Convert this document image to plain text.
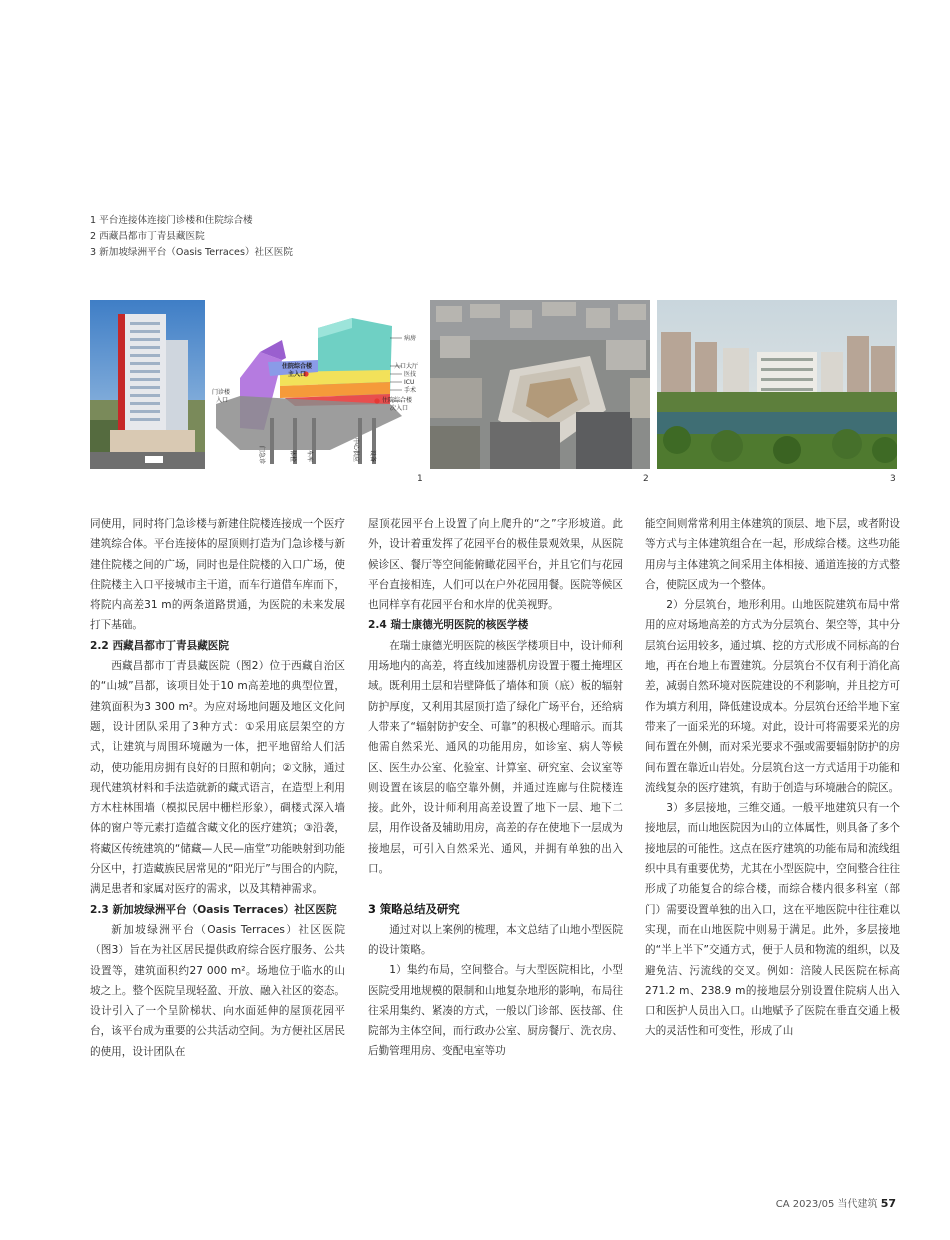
1 平台连接体连接门诊楼和住院综合楼
2 西藏昌都市丁青县藏医院
3 新加坡绿洲平台（Oasis Terraces）社区医院
病房
入口大厅
医技
ICU
手术
住院综合楼
次入口
住院综合楼
主入口
门诊楼
入口
门急诊	体检 车库	中心供应 设备
1	2	3

同使用，同时将门急诊楼与新建住院楼连接成一个医疗建筑综合体。平台连接体的屋顶则打造为门急诊楼与新建住院楼之间的广场，同时也是住院楼的入口广场，使住院楼主入口平接城市主干道，而车行道借车库而下，将院内高差31 m的两条道路贯通，为医院的未来发展打下基础。

2.2 西藏昌都市丁青县藏医院

西藏昌都市丁青县藏医院（图2）位于西藏自治区的“山城”昌都，该项目处于10 m高差地的典型位置，建筑面积为3 300 m²。为应对场地问题及地区文化问题，设计团队采用了3种方式：①采用底层架空的方式，让建筑与周围环境融为一体，把平地留给人们活动，使功能用房拥有良好的日照和朝向；②文脉，通过现代建筑材料和手法造就新的藏式语言，在造型上利用方木柱林围墙（模拟民居中栅栏形象），碉楼式深入墙体的窗户等元素打造蕴含藏文化的医疗建筑；③沿袭，将藏区传统建筑的“储藏—人民—庙堂”功能映射到功能分区中，打造藏族民居常见的“阳光厅”与围合的内院，满足患者和家属对医疗的需求，以及其精神需求。

2.3 新加坡绿洲平台（Oasis Terraces）社区医院

新加坡绿洲平台（Oasis Terraces）社区医院（图3）旨在为社区居民提供政府综合医疗服务、公共设置等，建筑面积约27 000 m²。场地位于临水的山坡之上。整个医院呈现轻盈、开放、融入社区的姿态。设计引入了一个呈阶梯状、向水面延伸的屋顶花园平台，该平台成为重要的公共活动空间。为方便社区居民的使用，设计团队在

屋顶花园平台上设置了向上爬升的“之”字形坡道。此外，设计着重发挥了花园平台的极佳景观效果，从医院候诊区、餐厅等空间能俯瞰花园平台，并且它们与花园平台直接相连，人们可以在户外花园用餐。医院等候区也同样享有花园平台和水岸的优美视野。

2.4 瑞士康德光明医院的核医学楼

在瑞士康德光明医院的核医学楼项目中，设计师利用场地内的高差，将直线加速器机房设置于覆土掩埋区域。既利用土层和岩壁降低了墙体和顶（底）板的辐射防护厚度，又利用其屋顶打造了绿化广场平台，还给病人带来了“辐射防护安全、可靠”的积极心理暗示。而其他需自然采光、通风的功能用房，如诊室、病人等候区、医生办公室、化验室、计算室、研究室、会议室等则设置在该层的临空靠外侧，并通过连廊与住院楼连接。此外，设计师利用高差设置了地下一层、地下二层，用作设备及辅助用房，高差的存在使地下一层成为接地层，可引入自然采光、通风，并拥有单独的出入口。

3 策略总结及研究

通过对以上案例的梳理，本文总结了山地小型医院的设计策略。

1）集约布局，空间整合。与大型医院相比，小型医院受用地规模的限制和山地复杂地形的影响，布局往往采用集约、紧凑的方式，一般以门诊部、医技部、住院部为主体空间，而行政办公室、厨房餐厅、洗衣房、后勤管理用房、变配电室等功

能空间则常常利用主体建筑的顶层、地下层，或者附设等方式与主体建筑组合在一起，形成综合楼。这些功能用房与主体建筑之间采用主体相接、通道连接的方式整合，使院区成为一个整体。

2）分层筑台，地形利用。山地医院建筑布局中常用的应对场地高差的方式为分层筑台、架空等，其中分层筑台运用较多，通过填、挖的方式形成不同标高的台地，再在台地上布置建筑。分层筑台不仅有利于消化高差，减弱自然环境对医院建设的不利影响，并且挖方可作为填方利用，降低建设成本。分层筑台还给半地下室带来了一面采光的环境。对此，设计可将需要采光的房间布置在外侧，而对采光要求不强或需要辐射防护的房间布置在靠近山岩处。分层筑台这一方式适用于功能和流线复杂的医疗建筑，有助于创造与环境融合的院区。

3）多层接地，三维交通。一般平地建筑只有一个接地层，而山地医院因为山的立体属性，则具备了多个接地层的可能性。这点在医疗建筑的功能布局和流线组织中具有重要优势，尤其在小型医院中，空间整合往往形成了功能复合的综合楼，而综合楼内很多科室（部门）需要设置单独的出入口，这在平地医院中往往难以实现，而在山地医院中则易于满足。此外，多层接地的“半上半下”交通方式，便于人员和物流的组织，以及避免洁、污流线的交叉。例如：涪陵人民医院在标高271.2 m、238.9 m的接地层分别设置住院病人出入口和医护人员出入口。山地赋予了医院在垂直交通上极大的灵活性和可变性，形成了山

CA 2023/05 当代建筑 57
